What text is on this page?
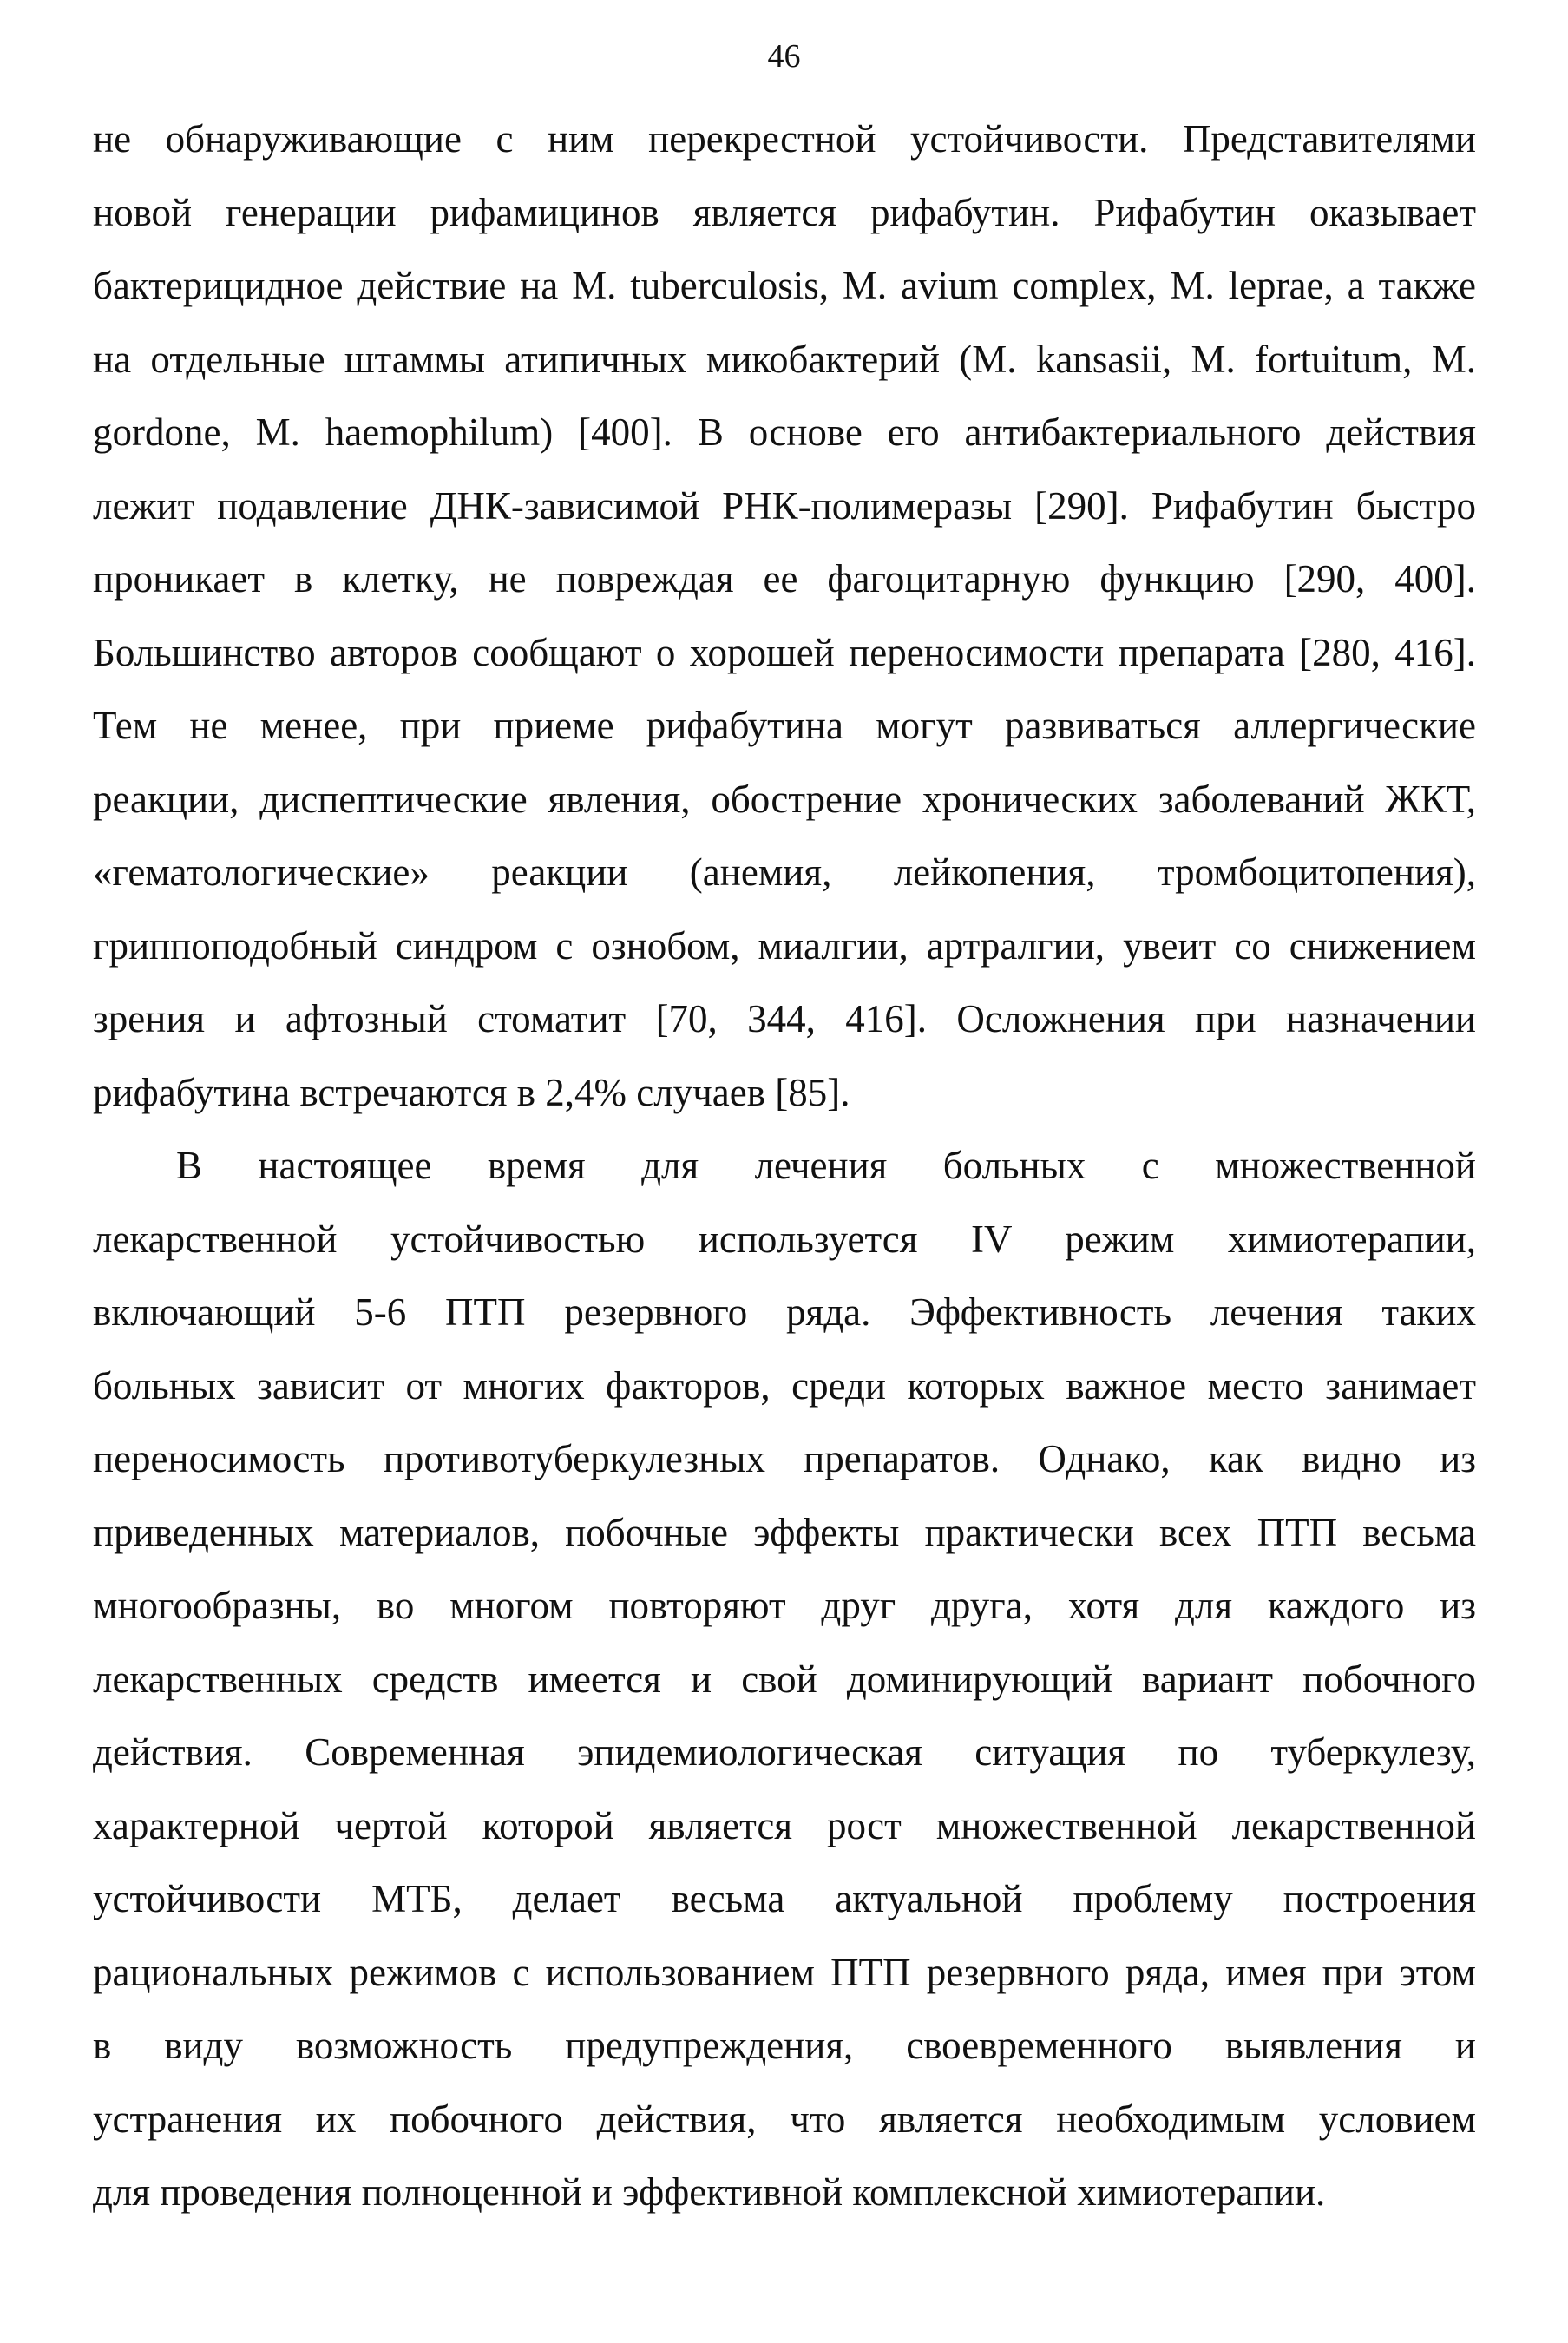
46
не обнаруживающие с ним перекрестной устойчивости. Представителями
новой генерации рифамицинов является рифабутин. Рифабутин оказывает
бактерицидное действие на M. tuberculosis, M. avium complex, M. leprae, а также
на отдельные штаммы атипичных микобактерий (M. kansasii, M. fortuitum, M.
gordone, M. haemophilum) [400]. В основе его антибактериального действия
лежит подавление ДНК-зависимой РНК-полимеразы [290]. Рифабутин быстро
проникает в клетку, не повреждая ее фагоцитарную функцию [290, 400].
Большинство авторов сообщают о хорошей переносимости препарата [280, 416].
Тем не менее, при приеме рифабутина могут развиваться аллергические
реакции, диспептические явления, обострение хронических заболеваний ЖКТ,
«гематологические» реакции (анемия, лейкопения, тромбоцитопения),
гриппоподобный синдром с ознобом, миалгии, артралгии, увеит со снижением
зрения и афтозный стоматит [70, 344, 416]. Осложнения при назначении
рифабутина встречаются в 2,4% случаев [85].
В настоящее время для лечения больных с множественной
лекарственной устойчивостью используется IV режим химиотерапии,
включающий 5-6 ПТП резервного ряда. Эффективность лечения таких
больных зависит от многих факторов, среди которых важное место занимает
переносимость противотуберкулезных препаратов. Однако, как видно из
приведенных материалов, побочные эффекты практически всех ПТП весьма
многообразны, во многом повторяют друг друга, хотя для каждого из
лекарственных средств имеется и свой доминирующий вариант побочного
действия. Современная эпидемиологическая ситуация по туберкулезу,
характерной чертой которой является рост множественной лекарственной
устойчивости МТБ, делает весьма актуальной проблему построения
рациональных режимов с использованием ПТП резервного ряда, имея при этом
в виду возможность предупреждения, своевременного выявления и
устранения их побочного действия, что является необходимым условием
для проведения полноценной и эффективной комплексной химиотерапии.
